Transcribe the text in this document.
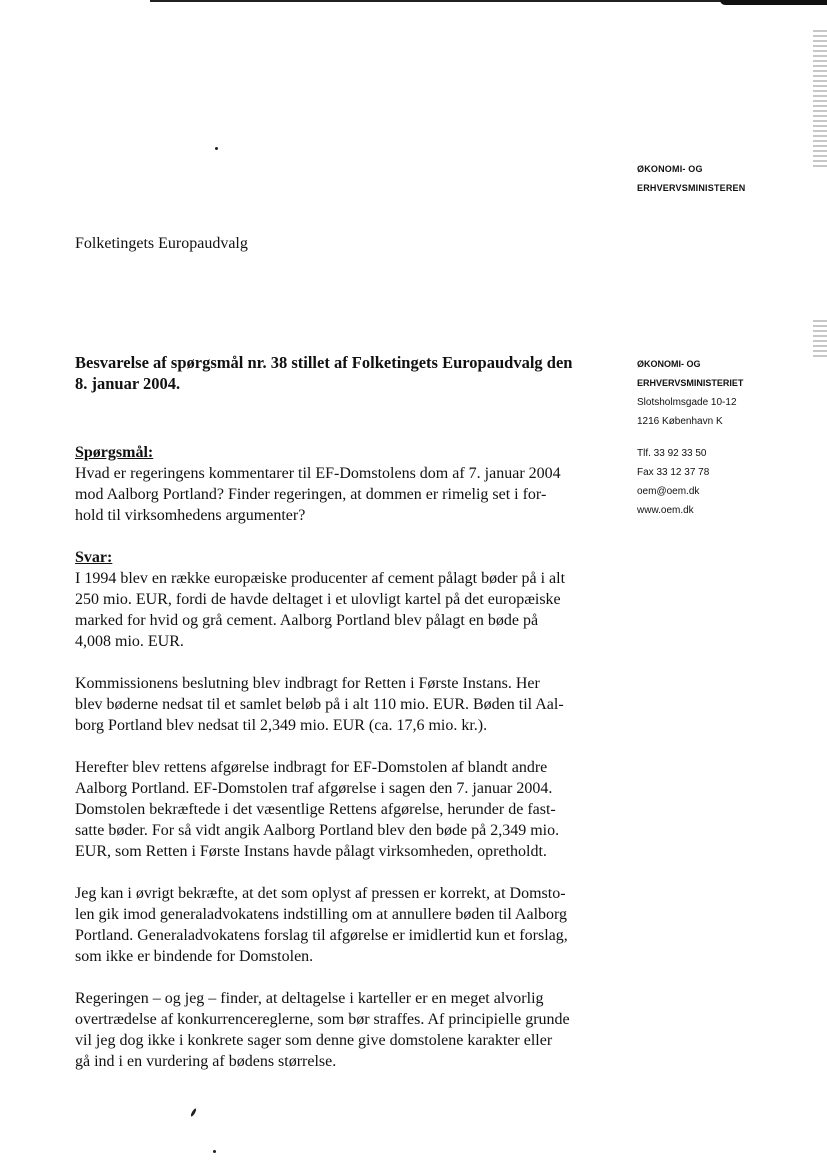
ØKONOMI- OG
ERHVERVSMINISTEREN
Folketingets Europaudvalg
ØKONOMI- OG
ERHVERVSMINISTERIET
Slotsholmsgade 10-12
1216 København K
Tlf. 33 92 33 50
Fax 33 12 37 78
oem@oem.dk
www.oem.dk
Besvarelse af spørgsmål nr. 38 stillet af Folketingets Europaudvalg den
8. januar 2004.
Spørgsmål:
Hvad er regeringens kommentarer til EF-Domstolens dom af 7. januar 2004
mod Aalborg Portland? Finder regeringen, at dommen er rimelig set i for-
hold til virksomhedens argumenter?
Svar:
I 1994 blev en række europæiske producenter af cement pålagt bøder på i alt
250 mio. EUR, fordi de havde deltaget i et ulovligt kartel på det europæiske
marked for hvid og grå cement. Aalborg Portland blev pålagt en bøde på
4,008 mio. EUR.
Kommissionens beslutning blev indbragt for Retten i Første Instans. Her
blev bøderne nedsat til et samlet beløb på i alt 110 mio. EUR. Bøden til Aal-
borg Portland blev nedsat til 2,349 mio. EUR (ca. 17,6 mio. kr.).
Herefter blev rettens afgørelse indbragt for EF-Domstolen af blandt andre
Aalborg Portland. EF-Domstolen traf afgørelse i sagen den 7. januar 2004.
Domstolen bekræftede i det væsentlige Rettens afgørelse, herunder de fast-
satte bøder. For så vidt angik Aalborg Portland blev den bøde på 2,349 mio.
EUR, som Retten i Første Instans havde pålagt virksomheden, opretholdt.
Jeg kan i øvrigt bekræfte, at det som oplyst af pressen er korrekt, at Domsto-
len gik imod generaladvokatens indstilling om at annullere bøden til Aalborg
Portland. Generaladvokatens forslag til afgørelse er imidlertid kun et forslag,
som ikke er bindende for Domstolen.
Regeringen – og jeg – finder, at deltagelse i karteller er en meget alvorlig
overtrædelse af konkurrencereglerne, som bør straffes. Af principielle grunde
vil jeg dog ikke i konkrete sager som denne give domstolene karakter eller
gå ind i en vurdering af bødens størrelse.
